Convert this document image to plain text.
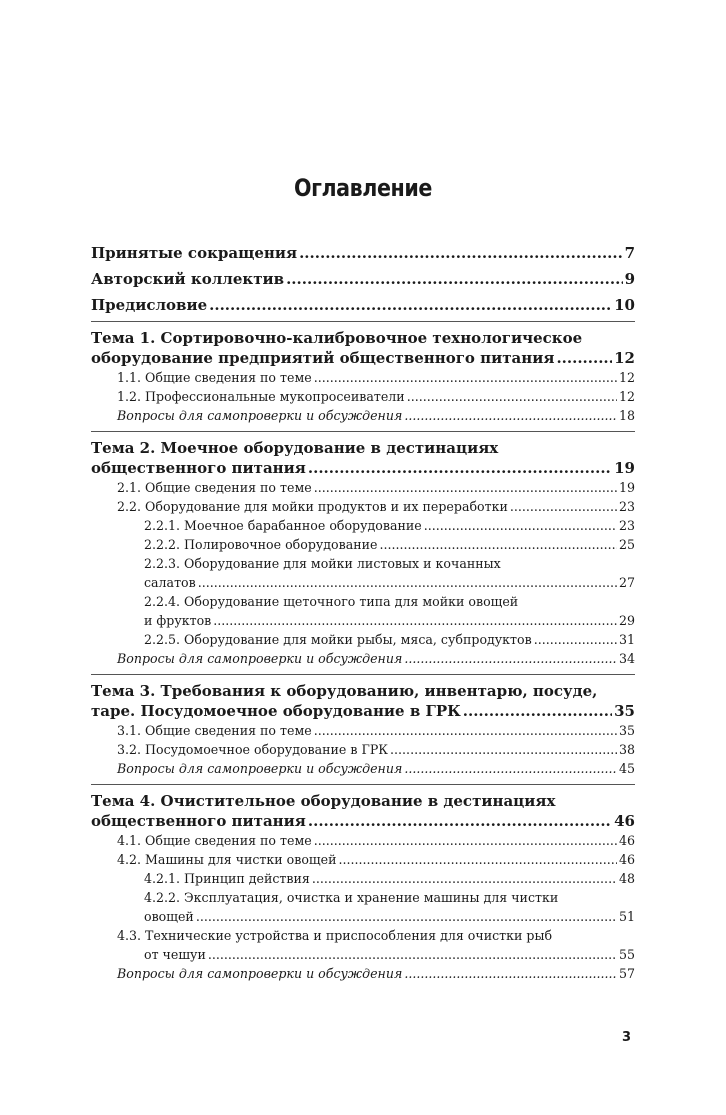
Оглавление
Принятые сокращения .....	7
Авторский коллектив .....	9
Предисловие .....	10
Тема 1. Сортировочно-калибровочное технологическое
оборудование предприятий общественного питания .....	12
1.1. Общие сведения по теме .....	12
1.2. Профессиональные мукопросеиватели .....	12
Вопросы для самопроверки и обсуждения .....	18
Тема 2. Моечное оборудование в дестинациях
общественного питания .....	19
2.1. Общие сведения по теме .....	19
2.2. Оборудование для мойки продуктов и их переработки .....	23
2.2.1. Моечное барабанное оборудование .....	23
2.2.2. Полировочное оборудование .....	25
2.2.3. Оборудование для мойки листовых и кочанных
салатов .....	27
2.2.4. Оборудование щеточного типа для мойки овощей
и фруктов .....	29
2.2.5. Оборудование для мойки рыбы, мяса, субпродуктов .....	31
Вопросы для самопроверки и обсуждения .....	34
Тема 3. Требования к оборудованию, инвентарю, посуде,
таре. Посудомоечное оборудование в ГРК .....	35
3.1. Общие сведения по теме .....	35
3.2. Посудомоечное оборудование в ГРК .....	38
Вопросы для самопроверки и обсуждения .....	45
Тема 4. Очистительное оборудование в дестинациях
общественного питания .....	46
4.1. Общие сведения по теме .....	46
4.2. Машины для чистки овощей .....	46
4.2.1. Принцип действия .....	48
4.2.2. Эксплуатация, очистка и хранение машины для чистки
овощей .....	51
4.3. Технические устройства и приспособления для очистки рыб
от чешуи .....	55
Вопросы для самопроверки и обсуждения .....	57
3
